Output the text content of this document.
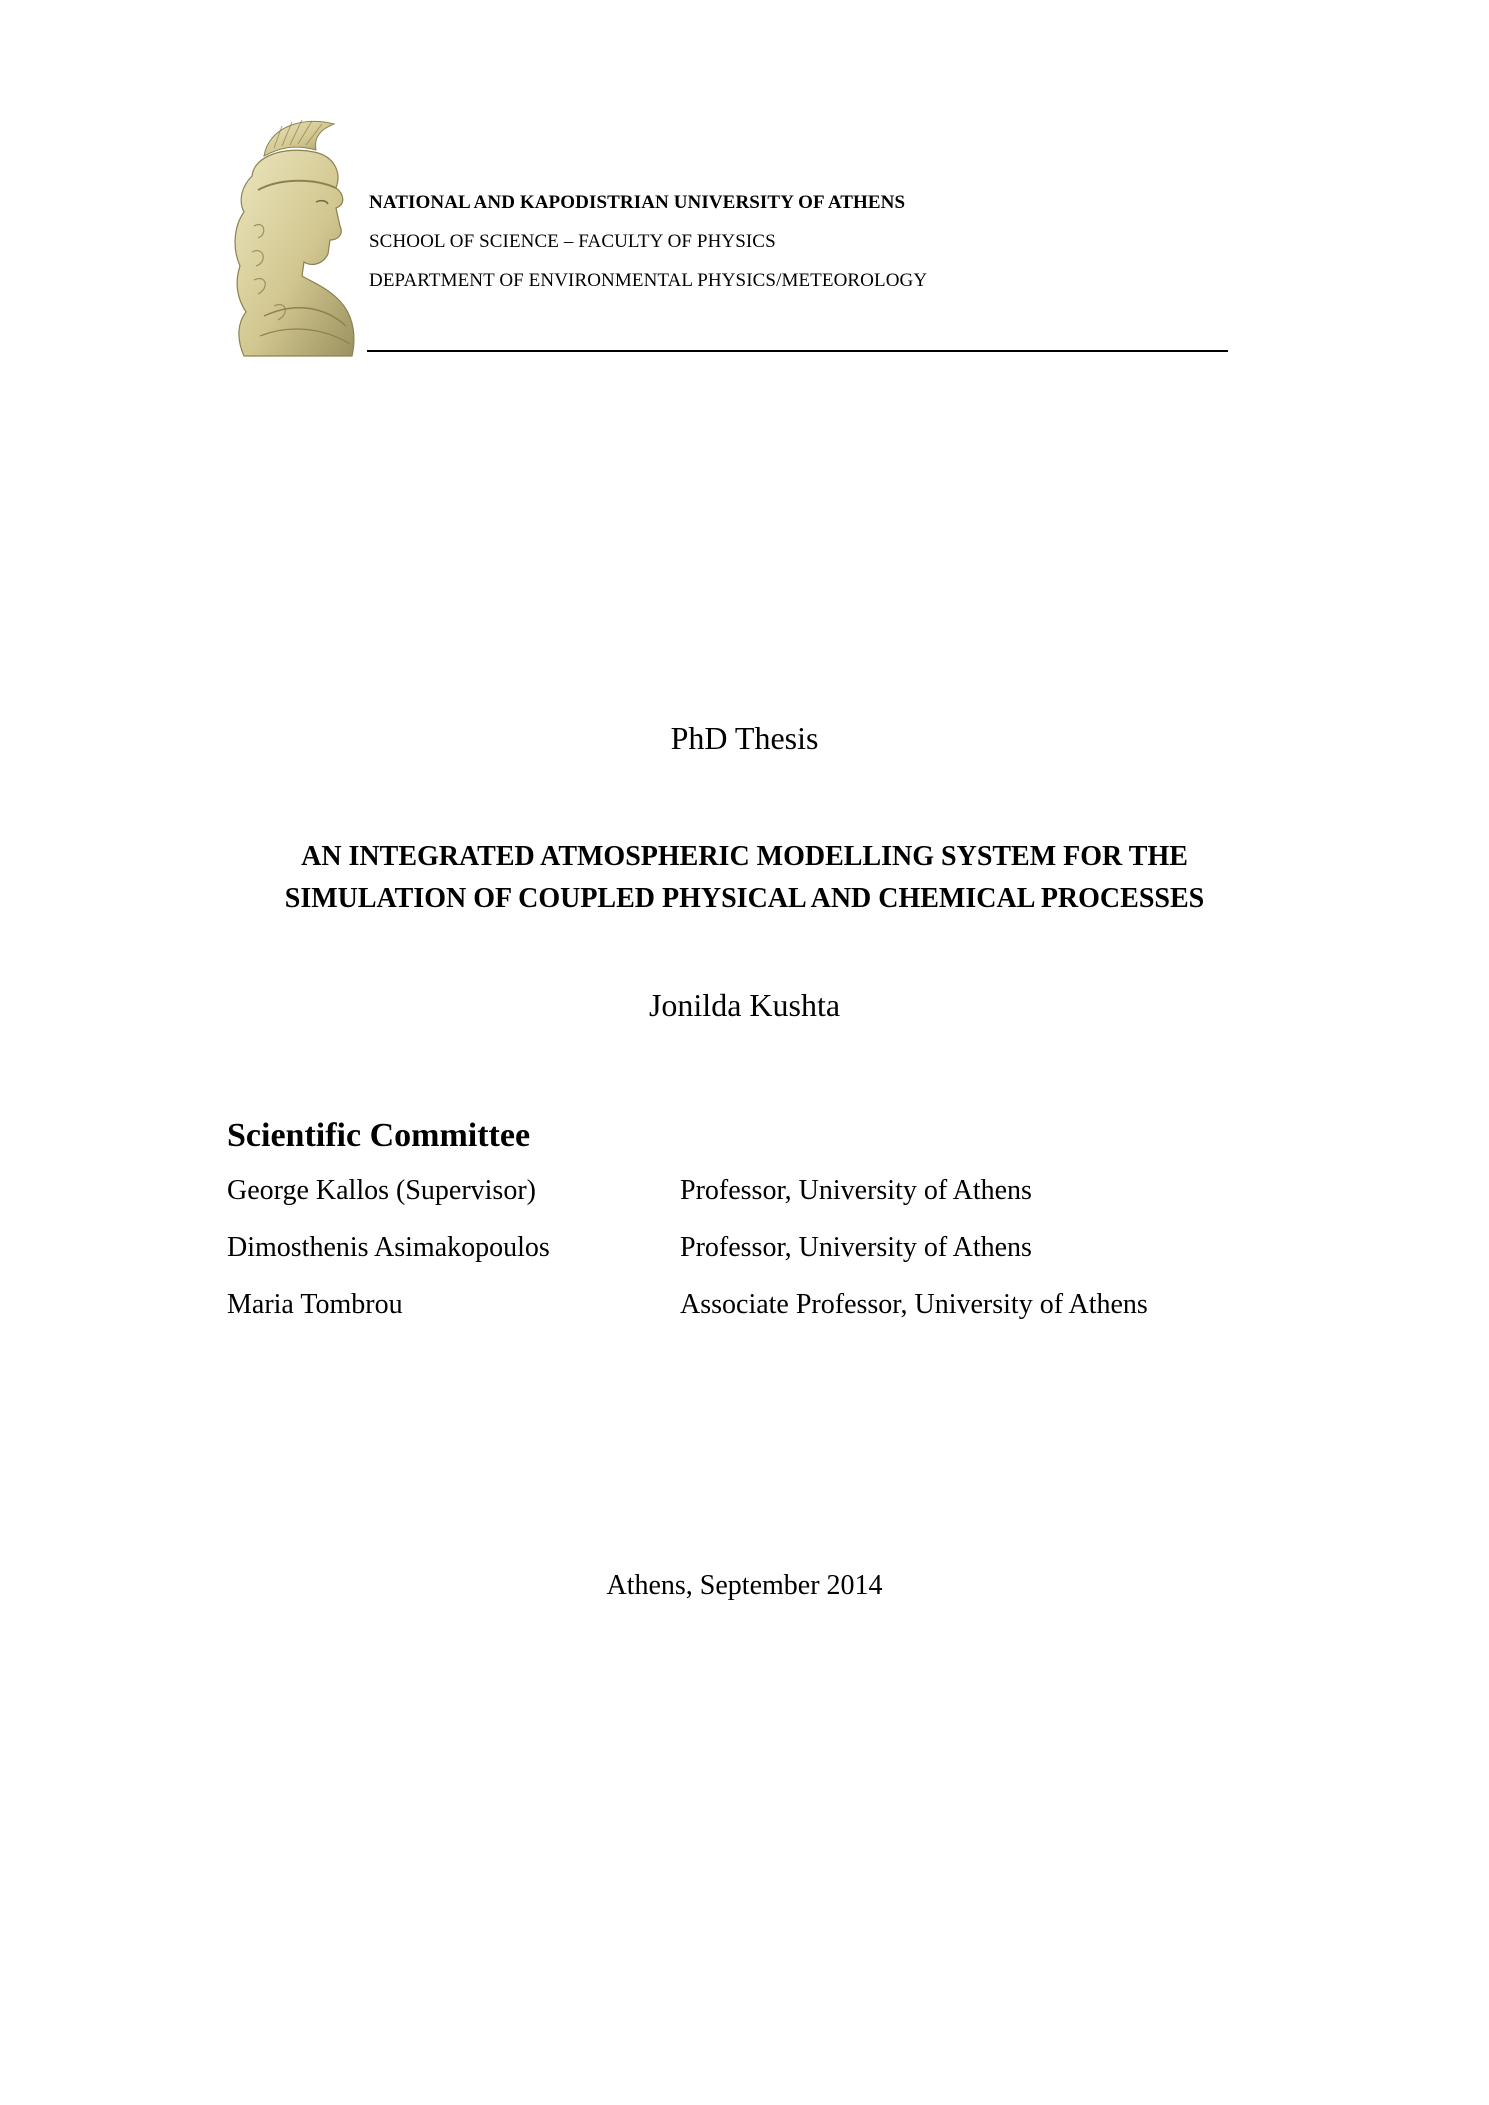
NATIONAL AND KAPODISTRIAN UNIVERSITY OF ATHENS
SCHOOL OF SCIENCE – FACULTY OF PHYSICS
DEPARTMENT OF ENVIRONMENTAL PHYSICS/METEOROLOGY
PhD Thesis
AN INTEGRATED ATMOSPHERIC MODELLING SYSTEM FOR THE
SIMULATION OF COUPLED PHYSICAL AND CHEMICAL PROCESSES
Jonilda Kushta
Scientific Committee
George Kallos (Supervisor)	Professor, University of Athens
Dimosthenis Asimakopoulos	Professor, University of Athens
Maria Tombrou	Associate Professor, University of Athens
Athens, September 2014
